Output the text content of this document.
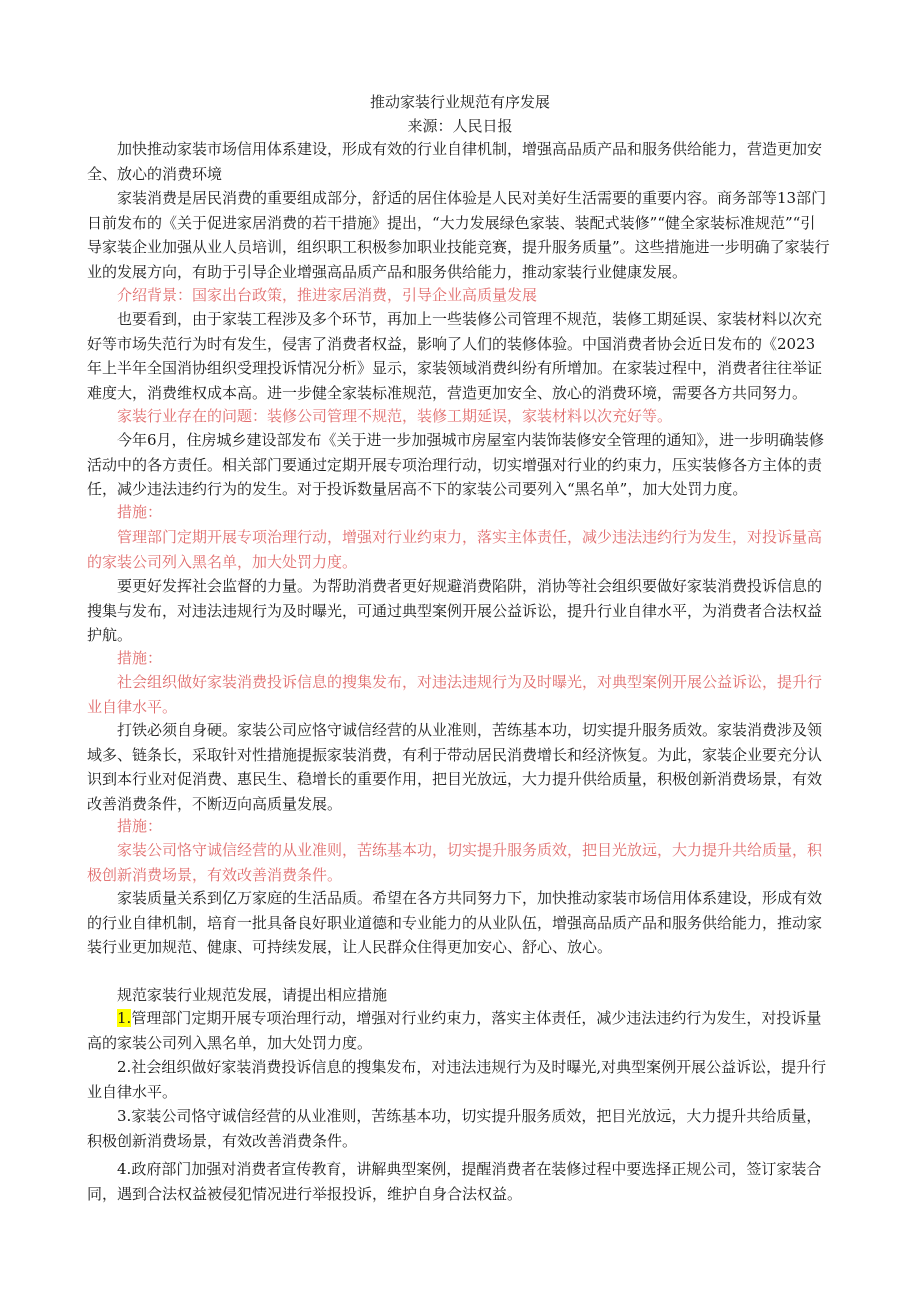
推动家装行业规范有序发展
来源：人民日报
加快推动家装市场信用体系建设，形成有效的行业自律机制，增强高品质产品和服务供给能力，营造更加安全、放心的消费环境
家装消费是居民消费的重要组成部分，舒适的居住体验是人民对美好生活需要的重要内容。商务部等13部门日前发布的《关于促进家居消费的若干措施》提出，“大力发展绿色家装、装配式装修”“健全家装标准规范”“引导家装企业加强从业人员培训，组织职工积极参加职业技能竞赛，提升服务质量”。这些措施进一步明确了家装行业的发展方向，有助于引导企业增强高品质产品和服务供给能力，推动家装行业健康发展。
介绍背景：国家出台政策，推进家居消费，引导企业高质量发展
也要看到，由于家装工程涉及多个环节，再加上一些装修公司管理不规范，装修工期延误、家装材料以次充好等市场失范行为时有发生，侵害了消费者权益，影响了人们的装修体验。中国消费者协会近日发布的《2023年上半年全国消协组织受理投诉情况分析》显示，家装领域消费纠纷有所增加。在家装过程中，消费者往往举证难度大，消费维权成本高。进一步健全家装标准规范，营造更加安全、放心的消费环境，需要各方共同努力。
家装行业存在的问题：装修公司管理不规范，装修工期延误，家装材料以次充好等。
今年6月，住房城乡建设部发布《关于进一步加强城市房屋室内装饰装修安全管理的通知》，进一步明确装修活动中的各方责任。相关部门要通过定期开展专项治理行动，切实增强对行业的约束力，压实装修各方主体的责任，减少违法违约行为的发生。对于投诉数量居高不下的家装公司要列入“黑名单”，加大处罚力度。
措施：
管理部门定期开展专项治理行动，增强对行业约束力，落实主体责任，减少违法违约行为发生，对投诉量高的家装公司列入黑名单，加大处罚力度。
要更好发挥社会监督的力量。为帮助消费者更好规避消费陷阱，消协等社会组织要做好家装消费投诉信息的搜集与发布，对违法违规行为及时曝光，可通过典型案例开展公益诉讼，提升行业自律水平，为消费者合法权益护航。
措施：
社会组织做好家装消费投诉信息的搜集发布，对违法违规行为及时曝光，对典型案例开展公益诉讼，提升行业自律水平。
打铁必须自身硬。家装公司应恪守诚信经营的从业准则，苦练基本功，切实提升服务质效。家装消费涉及领域多、链条长，采取针对性措施提振家装消费，有利于带动居民消费增长和经济恢复。为此，家装企业要充分认识到本行业对促消费、惠民生、稳增长的重要作用，把目光放远，大力提升供给质量，积极创新消费场景，有效改善消费条件，不断迈向高质量发展。
措施：
家装公司恪守诚信经营的从业准则，苦练基本功，切实提升服务质效，把目光放远，大力提升共给质量，积极创新消费场景，有效改善消费条件。
家装质量关系到亿万家庭的生活品质。希望在各方共同努力下，加快推动家装市场信用体系建设，形成有效的行业自律机制，培育一批具备良好职业道德和专业能力的从业队伍，增强高品质产品和服务供给能力，推动家装行业更加规范、健康、可持续发展，让人民群众住得更加安心、舒心、放心。
规范家装行业规范发展，请提出相应措施
1.管理部门定期开展专项治理行动，增强对行业约束力，落实主体责任，减少违法违约行为发生，对投诉量高的家装公司列入黑名单，加大处罚力度。
2.社会组织做好家装消费投诉信息的搜集发布，对违法违规行为及时曝光,对典型案例开展公益诉讼，提升行业自律水平。
3.家装公司恪守诚信经营的从业准则，苦练基本功，切实提升服务质效，把目光放远，大力提升共给质量，积极创新消费场景，有效改善消费条件。
4.政府部门加强对消费者宣传教育，讲解典型案例，提醒消费者在装修过程中要选择正规公司，签订家装合同，遇到合法权益被侵犯情况进行举报投诉，维护自身合法权益。
